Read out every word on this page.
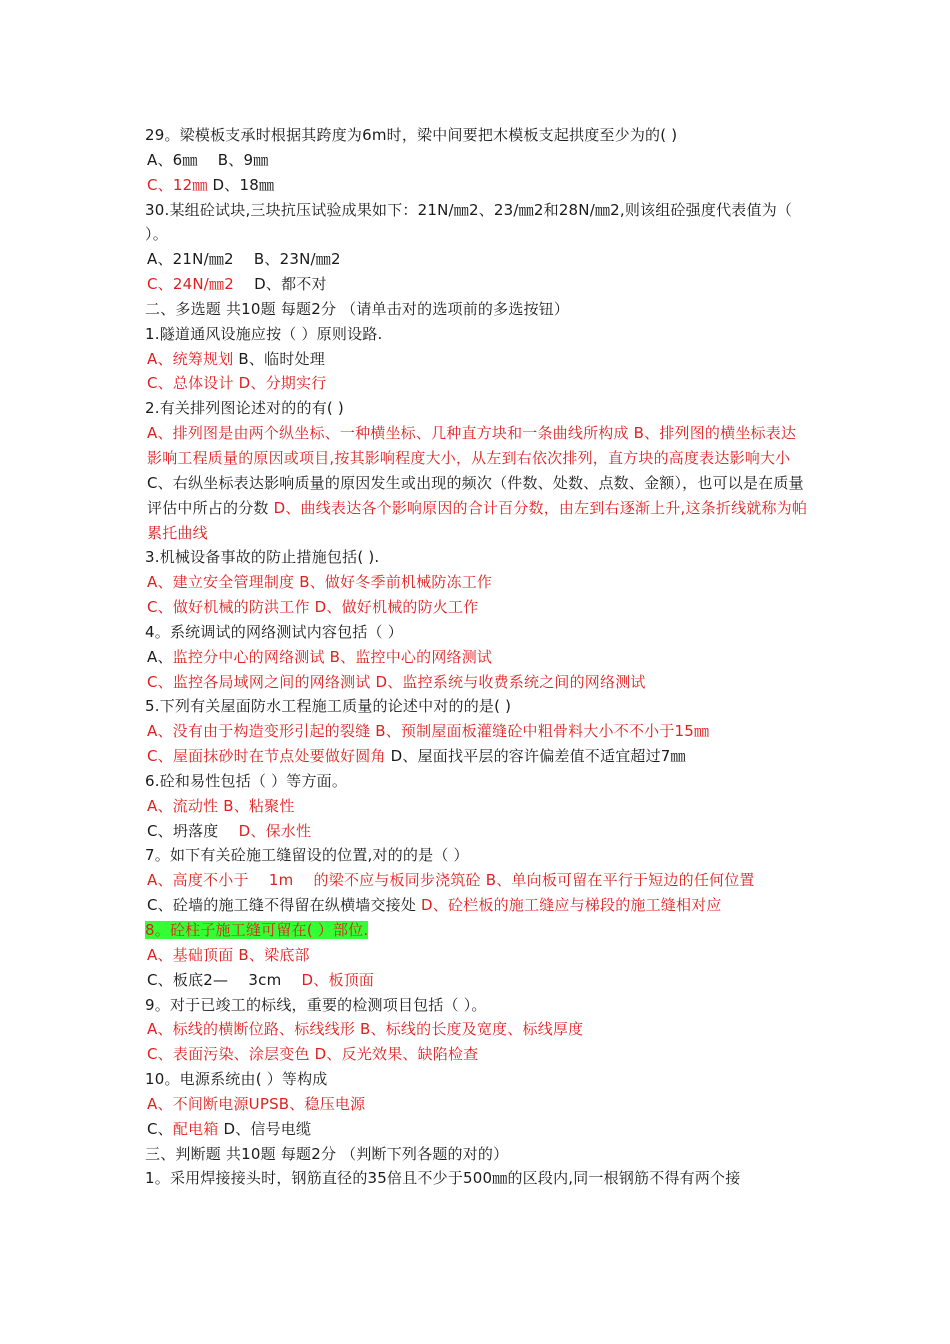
29。梁模板支承时根据其跨度为6m时，梁中间要把木模板支起拱度至少为的( )
A、6㎜　 B、9㎜
C、12㎜ D、18㎜
30.某组砼试块,三块抗压试验成果如下：21N/㎜2、23/㎜2和28N/㎜2,则该组砼强度代表值为（ ）。
A、21N/㎜2　 B、23N/㎜2
C、24N/㎜2　 D、都不对
二、多选题 共10题 每题2分 （请单击对的选项前的多选按钮）
1.隧道通风设施应按（ ）原则设路.
A、统筹规划 B、临时处理
C、总体设计 D、分期实行
2.有关排列图论述对的的有( )
A、排列图是由两个纵坐标、一种横坐标、几种直方块和一条曲线所构成 B、排列图的横坐标表达影响工程质量的原因或项目,按其影响程度大小，从左到右依次排列，直方块的高度表达影响大小
C、右纵坐标表达影响质量的原因发生或出现的频次（件数、处数、点数、金额），也可以是在质量评估中所占的分数 D、曲线表达各个影响原因的合计百分数，由左到右逐渐上升,这条折线就称为帕累托曲线
3.机械设备事故的防止措施包括( ).
A、建立安全管理制度 B、做好冬季前机械防冻工作
C、做好机械的防洪工作 D、做好机械的防火工作
4。系统调试的网络测试内容包括（ ）
A、监控分中心的网络测试 B、监控中心的网络测试
C、监控各局域网之间的网络测试 D、监控系统与收费系统之间的网络测试
5.下列有关屋面防水工程施工质量的论述中对的的是( )
A、没有由于构造变形引起的裂缝 B、预制屋面板灌缝砼中粗骨料大小不不小于15㎜
C、屋面抹砂时在节点处要做好圆角 D、屋面找平层的容许偏差值不适宜超过7㎜
6.砼和易性包括（ ）等方面。
A、流动性 B、粘聚性
C、坍落度　 D、保水性
7。如下有关砼施工缝留设的位置,对的的是（ ）
A、高度不小于　 1m　 的梁不应与板同步浇筑砼 B、单向板可留在平行于短边的任何位置
C、砼墙的施工缝不得留在纵横墙交接处 D、砼栏板的施工缝应与梯段的施工缝相对应
8。砼柱子施工缝可留在( ）部位.
A、基础顶面 B、梁底部
C、板底2—　 3cm　 D、板顶面
9。对于已竣工的标线，重要的检测项目包括（ ）。
A、标线的横断位路、标线线形 B、标线的长度及宽度、标线厚度
C、表面污染、涂层变色 D、反光效果、缺陷检查
10。电源系统由( ）等构成
A、不间断电源UPSB、稳压电源
C、配电箱 D、信号电缆
三、判断题 共10题 每题2分 （判断下列各题的对的）
1。采用焊接接头时，钢筋直径的35倍且不少于500㎜的区段内,同一根钢筋不得有两个接
